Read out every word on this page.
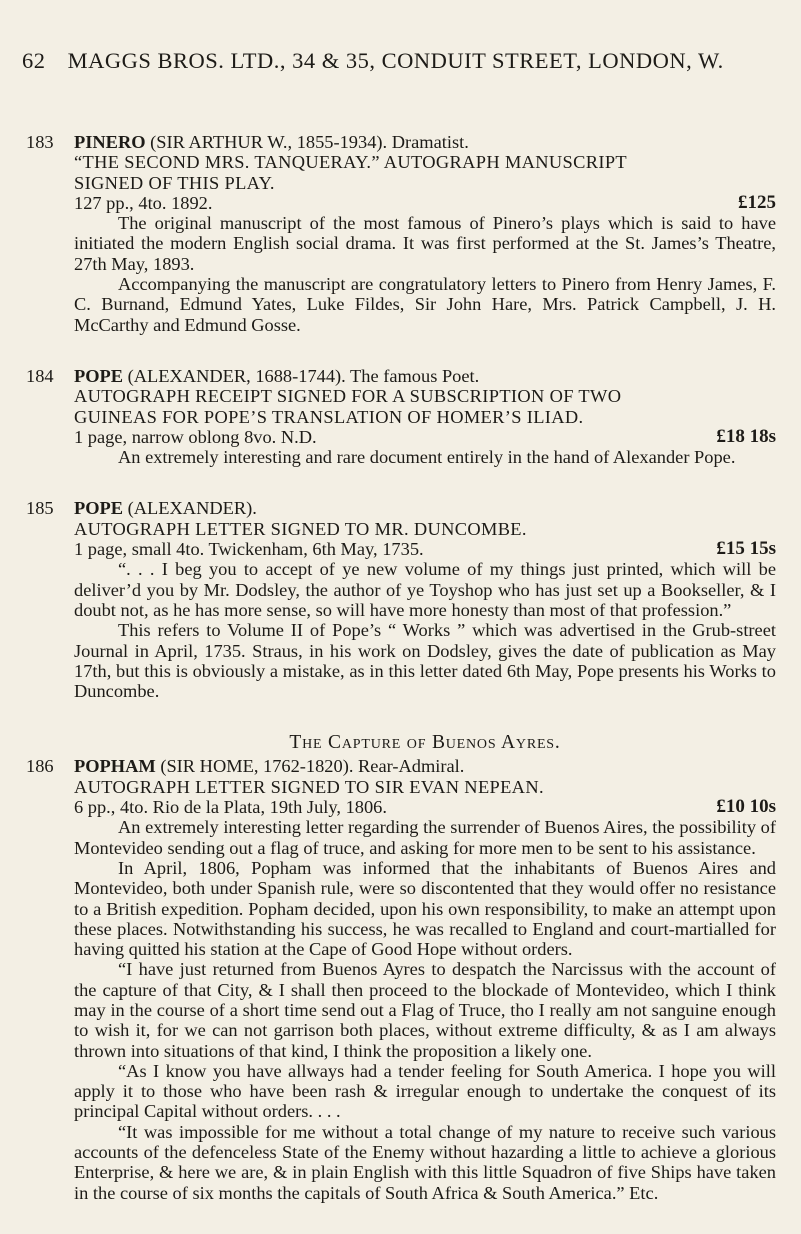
62 MAGGS BROS. LTD., 34 & 35, CONDUIT STREET, LONDON, W.
183 PINERO (SIR ARTHUR W., 1855-1934). Dramatist.
“THE SECOND MRS. TANQUERAY.” AUTOGRAPH MANUSCRIPT
SIGNED OF THIS PLAY.
127 pp., 4to. 1892.	£125

The original manuscript of the most famous of Pinero’s plays which is said to have initiated the modern English social drama. It was first performed at the St. James’s Theatre, 27th May, 1893.

Accompanying the manuscript are congratulatory letters to Pinero from Henry James, F. C. Burnand, Edmund Yates, Luke Fildes, Sir John Hare, Mrs. Patrick Campbell, J. H. McCarthy and Edmund Gosse.

184 POPE (ALEXANDER, 1688-1744). The famous Poet.
AUTOGRAPH RECEIPT SIGNED FOR A SUBSCRIPTION OF TWO
GUINEAS FOR POPE’S TRANSLATION OF HOMER’S ILIAD.
1 page, narrow oblong 8vo. N.D.	£18 18s

An extremely interesting and rare document entirely in the hand of Alexander Pope.

185 POPE (ALEXANDER).
AUTOGRAPH LETTER SIGNED TO MR. DUNCOMBE.
1 page, small 4to. Twickenham, 6th May, 1735.	£15 15s

“. . . I beg you to accept of ye new volume of my things just printed, which will be deliver’d you by Mr. Dodsley, the author of ye Toyshop who has just set up a Bookseller, & I doubt not, as he has more sense, so will have more honesty than most of that profession.”

This refers to Volume II of Pope’s “ Works ” which was advertised in the Grub-street Journal in April, 1735. Straus, in his work on Dodsley, gives the date of publication as May 17th, but this is obviously a mistake, as in this letter dated 6th May, Pope presents his Works to Duncombe.

The Capture of Buenos Ayres.
186 POPHAM (SIR HOME, 1762-1820). Rear-Admiral.
AUTOGRAPH LETTER SIGNED TO SIR EVAN NEPEAN.
6 pp., 4to. Rio de la Plata, 19th July, 1806.	£10 10s

An extremely interesting letter regarding the surrender of Buenos Aires, the possibility of Montevideo sending out a flag of truce, and asking for more men to be sent to his assistance.

In April, 1806, Popham was informed that the inhabitants of Buenos Aires and Montevideo, both under Spanish rule, were so discontented that they would offer no resistance to a British expedition. Popham decided, upon his own responsibility, to make an attempt upon these places. Notwithstanding his success, he was recalled to England and court-martialled for having quitted his station at the Cape of Good Hope without orders.

“I have just returned from Buenos Ayres to despatch the Narcissus with the account of the capture of that City, & I shall then proceed to the blockade of Montevideo, which I think may in the course of a short time send out a Flag of Truce, tho I really am not sanguine enough to wish it, for we can not garrison both places, without extreme difficulty, & as I am always thrown into situations of that kind, I think the proposition a likely one.

“As I know you have allways had a tender feeling for South America. I hope you will apply it to those who have been rash & irregular enough to undertake the conquest of its principal Capital without orders. . . .

“It was impossible for me without a total change of my nature to receive such various accounts of the defenceless State of the Enemy without hazarding a little to achieve a glorious Enterprise, & here we are, & in plain English with this little Squadron of five Ships have taken in the course of six months the capitals of South Africa & South America.” Etc.
